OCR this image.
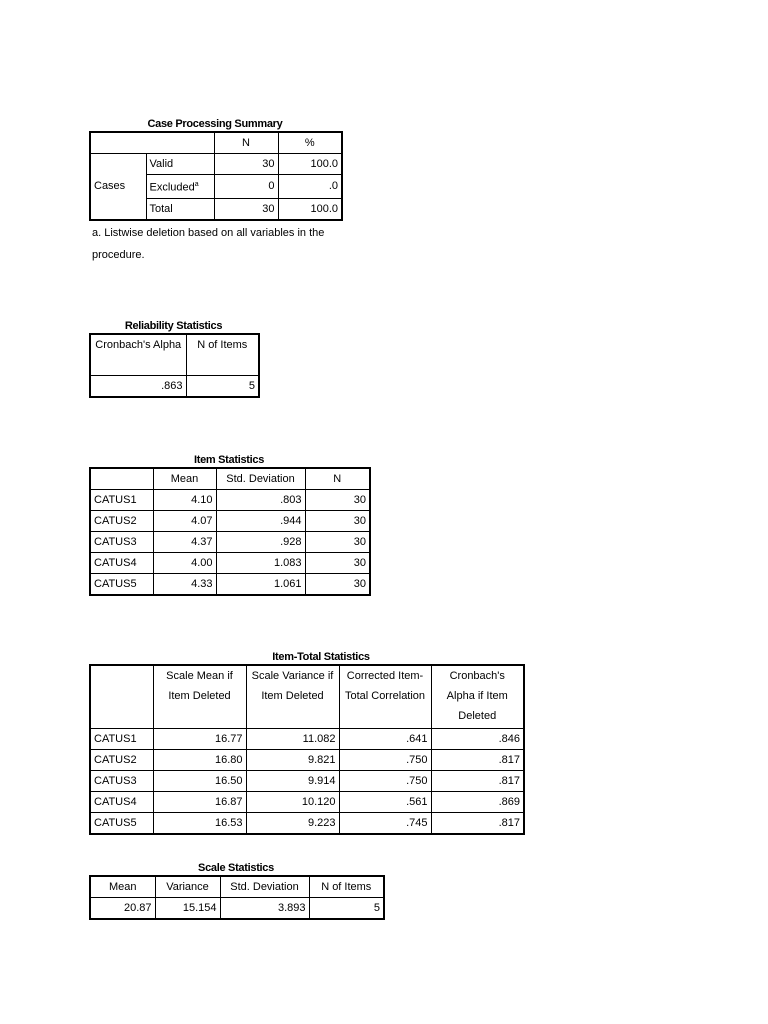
Case Processing Summary
		N	%
	Valid	30	100.0
Cases	Excluded$^a$	0	.0
	Total	30	100.0
a. Listwise deletion based on all variables in the procedure.
Reliability Statistics
Cronbach's Alpha	N of Items
.863	5
Item Statistics
	Mean	Std. Deviation	N
CATUS1	4.10	.803	30
CATUS2	4.07	.944	30
CATUS3	4.37	.928	30
CATUS4	4.00	1.083	30
CATUS5	4.33	1.061	30
Item-Total Statistics
	Scale Mean if Item Deleted	Scale Variance if Item Deleted	Corrected Item-Total Correlation	Cronbach's Alpha if Item Deleted
CATUS1	16.77	11.082	.641	.846
CATUS2	16.80	9.821	.750	.817
CATUS3	16.50	9.914	.750	.817
CATUS4	16.87	10.120	.561	.869
CATUS5	16.53	9.223	.745	.817
Scale Statistics
Mean	Variance	Std. Deviation	N of Items
20.87	15.154	3.893	5
